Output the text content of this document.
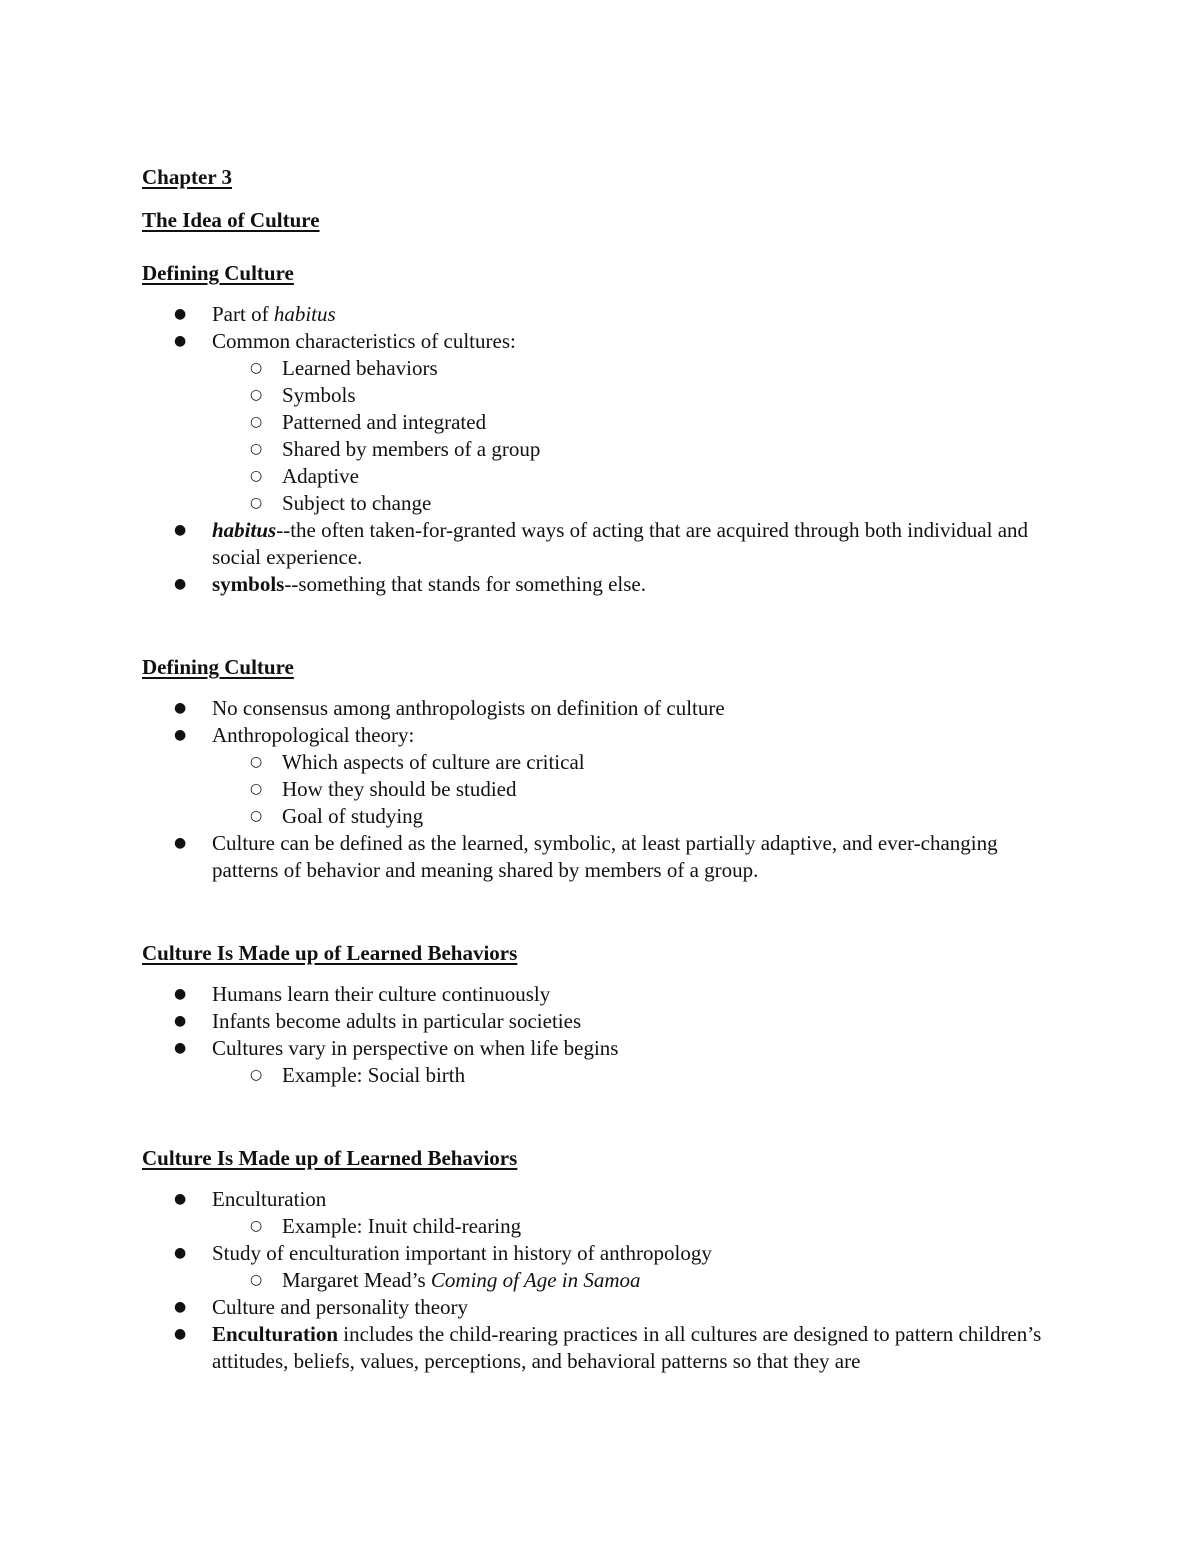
Chapter 3

The Idea of Culture

Defining Culture

● Part of habitus
● Common characteristics of cultures:
○ Learned behaviors
○ Symbols
○ Patterned and integrated
○ Shared by members of a group
○ Adaptive
○ Subject to change
● habitus--the often taken-for-granted ways of acting that are acquired through both individual and social experience.
● symbols--something that stands for something else.

Defining Culture

● No consensus among anthropologists on definition of culture
● Anthropological theory:
○ Which aspects of culture are critical
○ How they should be studied
○ Goal of studying
● Culture can be defined as the learned, symbolic, at least partially adaptive, and ever-changing patterns of behavior and meaning shared by members of a group.

Culture Is Made up of Learned Behaviors

● Humans learn their culture continuously
● Infants become adults in particular societies
● Cultures vary in perspective on when life begins
○ Example: Social birth

Culture Is Made up of Learned Behaviors

● Enculturation
○ Example: Inuit child-rearing
● Study of enculturation important in history of anthropology
○ Margaret Mead’s Coming of Age in Samoa
● Culture and personality theory
● Enculturation includes the child-rearing practices in all cultures are designed to pattern children’s attitudes, beliefs, values, perceptions, and behavioral patterns so that they are
